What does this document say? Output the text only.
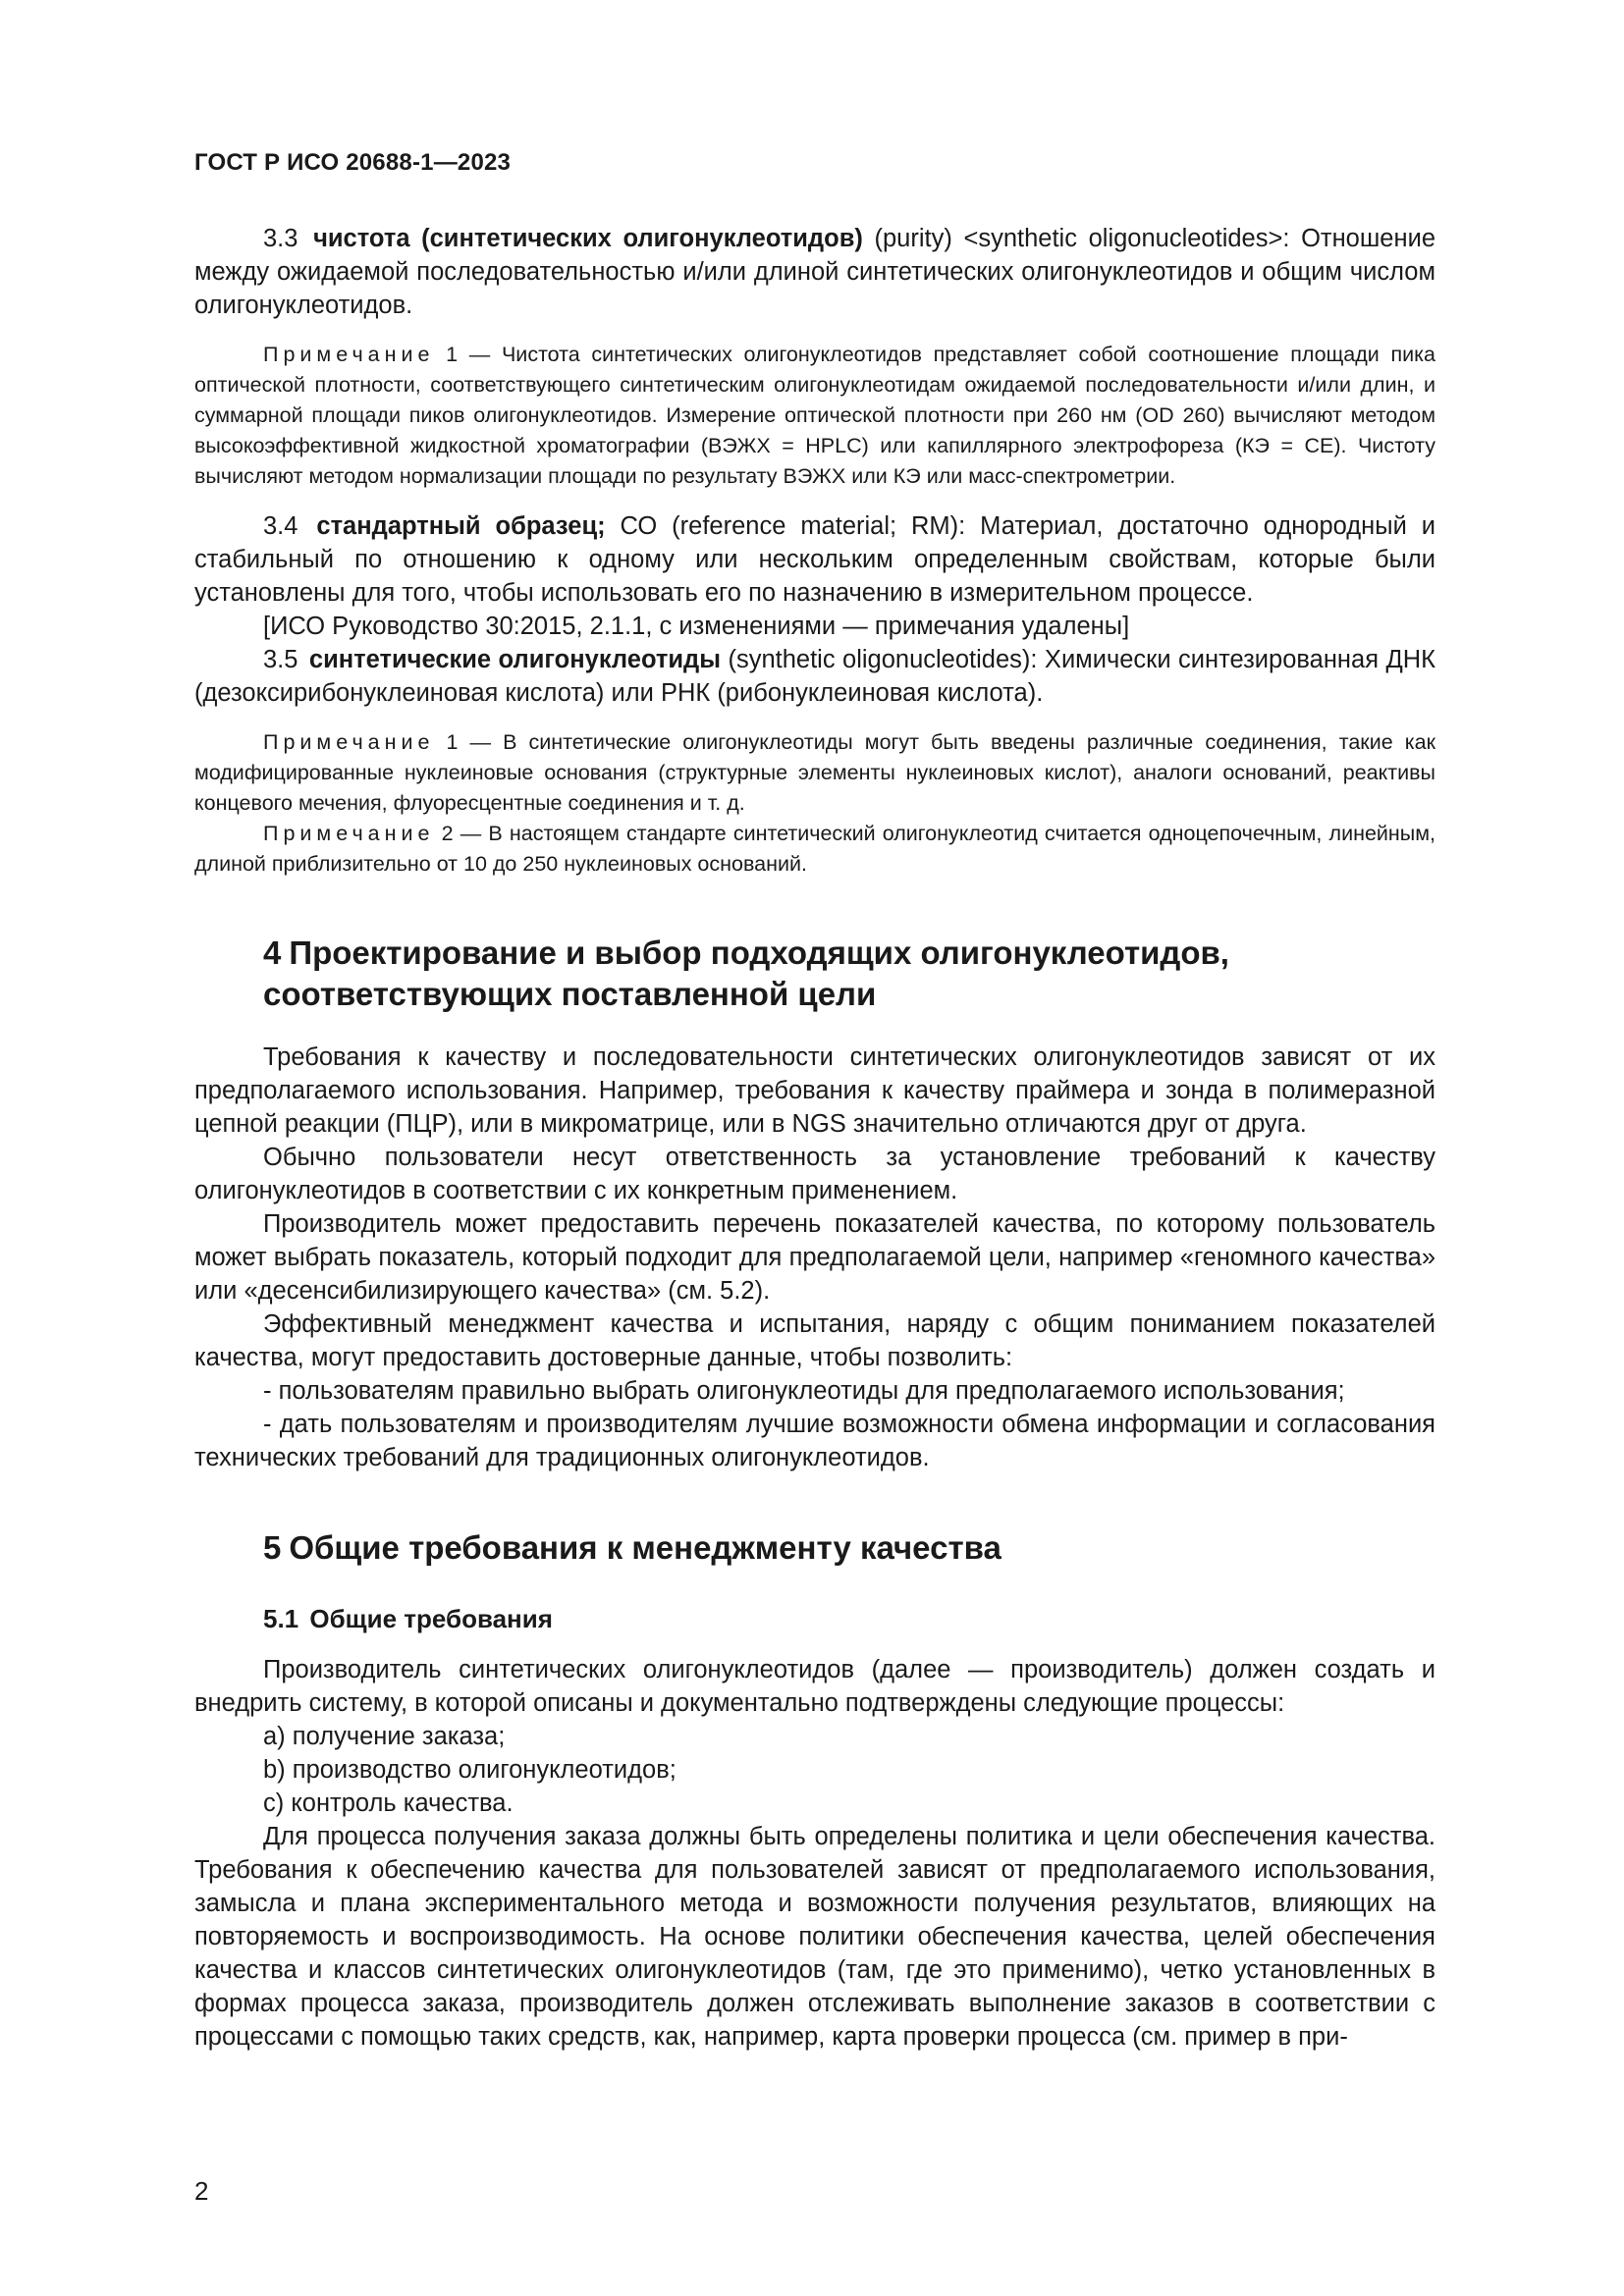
ГОСТ Р ИСО 20688-1—2023

3.3 чистота (синтетических олигонуклеотидов) (purity) <synthetic oligonucleotides>: Отношение между ожидаемой последовательностью и/или длиной синтетических олигонуклеотидов и общим числом олигонуклеотидов.

Примечание 1 — Чистота синтетических олигонуклеотидов представляет собой соотношение площади пика оптической плотности, соответствующего синтетическим олигонуклеотидам ожидаемой последовательности и/или длин, и суммарной площади пиков олигонуклеотидов. Измерение оптической плотности при 260 нм (OD 260) вычисляют методом высокоэффективной жидкостной хроматографии (ВЭЖХ = HPLC) или капиллярного электрофореза (КЭ = CE). Чистоту вычисляют методом нормализации площади по результату ВЭЖХ или КЭ или масс-спектрометрии.

3.4 стандартный образец; СО (reference material; RM): Материал, достаточно однородный и стабильный по отношению к одному или нескольким определенным свойствам, которые были установлены для того, чтобы использовать его по назначению в измерительном процессе.

[ИСО Руководство 30:2015, 2.1.1, с изменениями — примечания удалены]

3.5 синтетические олигонуклеотиды (synthetic oligonucleotides): Химически синтезированная ДНК (дезоксирибонуклеиновая кислота) или РНК (рибонуклеиновая кислота).

Примечание 1 — В синтетические олигонуклеотиды могут быть введены различные соединения, такие как модифицированные нуклеиновые основания (структурные элементы нуклеиновых кислот), аналоги оснований, реактивы концевого мечения, флуоресцентные соединения и т. д.

Примечание 2 — В настоящем стандарте синтетический олигонуклеотид считается одноцепочечным, линейным, длиной приблизительно от 10 до 250 нуклеиновых оснований.

4 Проектирование и выбор подходящих олигонуклеотидов,
соответствующих поставленной цели

Требования к качеству и последовательности синтетических олигонуклеотидов зависят от их предполагаемого использования. Например, требования к качеству праймера и зонда в полимеразной цепной реакции (ПЦР), или в микроматрице, или в NGS значительно отличаются друг от друга.

Обычно пользователи несут ответственность за установление требований к качеству олигонуклеотидов в соответствии с их конкретным применением.

Производитель может предоставить перечень показателей качества, по которому пользователь может выбрать показатель, который подходит для предполагаемой цели, например «геномного качества» или «десенсибилизирующего качества» (см. 5.2).

Эффективный менеджмент качества и испытания, наряду с общим пониманием показателей качества, могут предоставить достоверные данные, чтобы позволить:

- пользователям правильно выбрать олигонуклеотиды для предполагаемого использования;

- дать пользователям и производителям лучшие возможности обмена информации и согласования технических требований для традиционных олигонуклеотидов.

5 Общие требования к менеджменту качества
5.1 Общие требования

Производитель синтетических олигонуклеотидов (далее — производитель) должен создать и внедрить систему, в которой описаны и документально подтверждены следующие процессы:

а) получение заказа;

b) производство олигонуклеотидов;

c) контроль качества.

Для процесса получения заказа должны быть определены политика и цели обеспечения качества. Требования к обеспечению качества для пользователей зависят от предполагаемого использования, замысла и плана экспериментального метода и возможности получения результатов, влияющих на повторяемость и воспроизводимость. На основе политики обеспечения качества, целей обеспечения качества и классов синтетических олигонуклеотидов (там, где это применимо), четко установленных в формах процесса заказа, производитель должен отслеживать выполнение заказов в соответствии с процессами с помощью таких средств, как, например, карта проверки процесса (см. пример в при-

2
